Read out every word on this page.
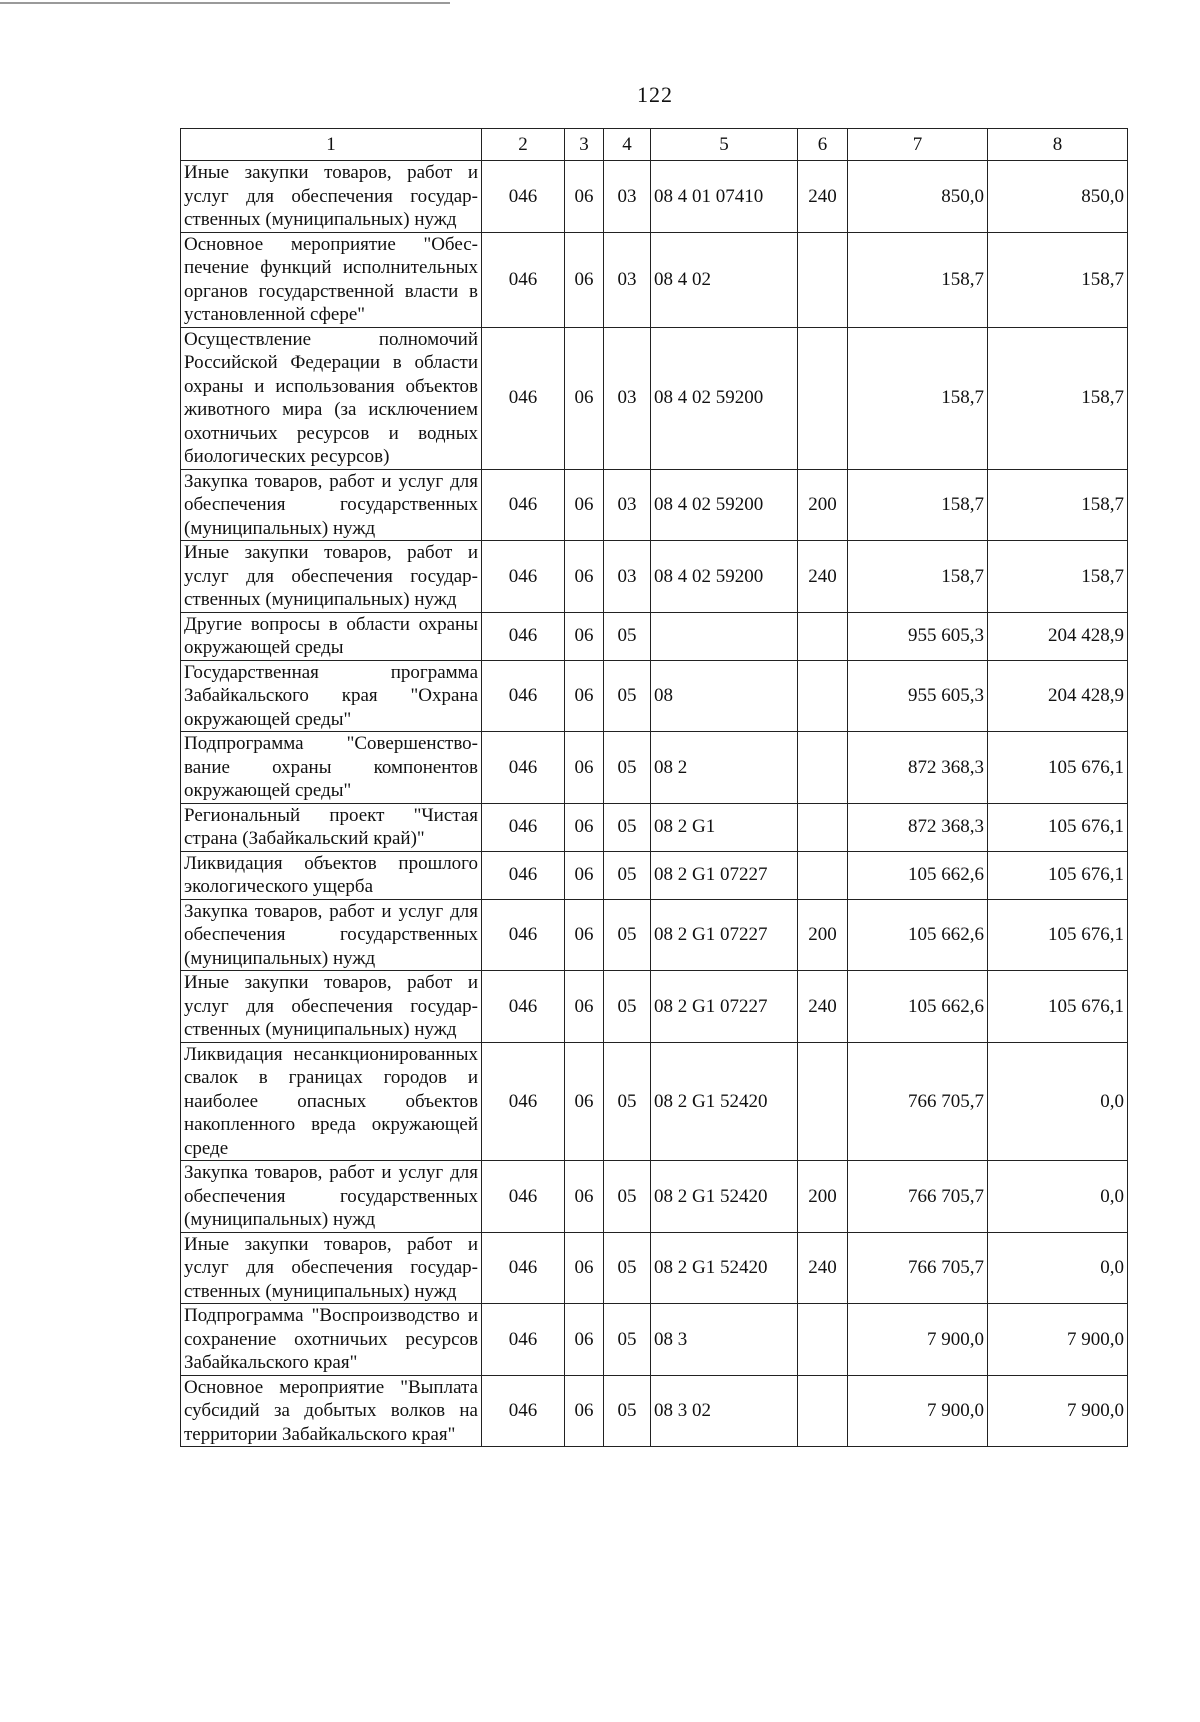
122
1	2	3	4	5	6	7	8
Иные закупки товаров, работ и услуг для обеспечения государственных (муниципальных) нужд	046	06	03	08 4 01 07410	240	850,0	850,0
Основное мероприятие "Обеспечение функций исполнительных органов государственной власти в установленной сфере"	046	06	03	08 4 02		158,7	158,7
Осуществление полномочий Российской Федерации в области охраны и использования объектов животного мира (за исключением охотничьих ресурсов и водных биологических ресурсов)	046	06	03	08 4 02 59200		158,7	158,7
Закупка товаров, работ и услуг для обеспечения государственных (муниципальных) нужд	046	06	03	08 4 02 59200	200	158,7	158,7
Иные закупки товаров, работ и услуг для обеспечения государственных (муниципальных) нужд	046	06	03	08 4 02 59200	240	158,7	158,7
Другие вопросы в области охраны окружающей среды	046	06	05			955 605,3	204 428,9
Государственная программа Забайкальского края "Охрана окружающей среды"	046	06	05	08		955 605,3	204 428,9
Подпрограмма "Совершенствование охраны компонентов окружающей среды"	046	06	05	08 2		872 368,3	105 676,1
Региональный проект "Чистая страна (Забайкальский край)"	046	06	05	08 2 G1		872 368,3	105 676,1
Ликвидация объектов прошлого экологического ущерба	046	06	05	08 2 G1 07227		105 662,6	105 676,1
Закупка товаров, работ и услуг для обеспечения государственных (муниципальных) нужд	046	06	05	08 2 G1 07227	200	105 662,6	105 676,1
Иные закупки товаров, работ и услуг для обеспечения государственных (муниципальных) нужд	046	06	05	08 2 G1 07227	240	105 662,6	105 676,1
Ликвидация несанкционированных свалок в границах городов и наиболее опасных объектов накопленного вреда окружающей среде	046	06	05	08 2 G1 52420		766 705,7	0,0
Закупка товаров, работ и услуг для обеспечения государственных (муниципальных) нужд	046	06	05	08 2 G1 52420	200	766 705,7	0,0
Иные закупки товаров, работ и услуг для обеспечения государственных (муниципальных) нужд	046	06	05	08 2 G1 52420	240	766 705,7	0,0
Подпрограмма "Воспроизводство и сохранение охотничьих ресурсов Забайкальского края"	046	06	05	08 3		7 900,0	7 900,0
Основное мероприятие "Выплата субсидий за добытых волков на территории Забайкальского края"	046	06	05	08 3 02		7 900,0	7 900,0
